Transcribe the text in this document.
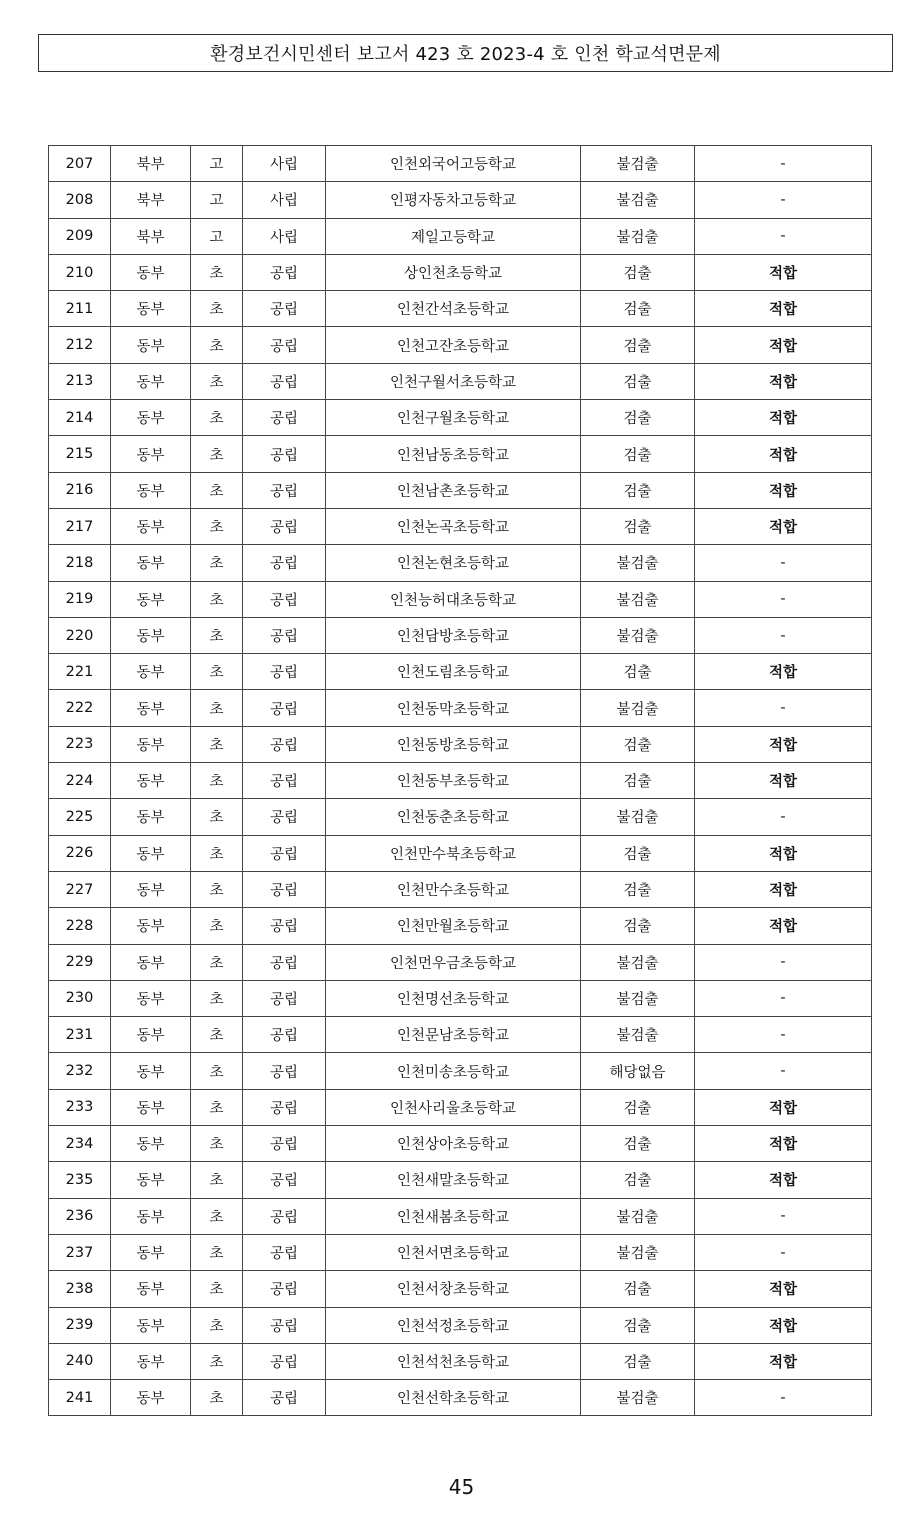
환경보건시민센터 보고서 423 호 2023-4 호 인천 학교석면문제
207	북부	고	사립	인천외국어고등학교	불검출	-
208	북부	고	사립	인평자동차고등학교	불검출	-
209	북부	고	사립	제일고등학교	불검출	-
210	동부	초	공립	상인천초등학교	검출	적합
211	동부	초	공립	인천간석초등학교	검출	적합
212	동부	초	공립	인천고잔초등학교	검출	적합
213	동부	초	공립	인천구월서초등학교	검출	적합
214	동부	초	공립	인천구월초등학교	검출	적합
215	동부	초	공립	인천남동초등학교	검출	적합
216	동부	초	공립	인천남촌초등학교	검출	적합
217	동부	초	공립	인천논곡초등학교	검출	적합
218	동부	초	공립	인천논현초등학교	불검출	-
219	동부	초	공립	인천능허대초등학교	불검출	-
220	동부	초	공립	인천담방초등학교	불검출	-
221	동부	초	공립	인천도림초등학교	검출	적합
222	동부	초	공립	인천동막초등학교	불검출	-
223	동부	초	공립	인천동방초등학교	검출	적합
224	동부	초	공립	인천동부초등학교	검출	적합
225	동부	초	공립	인천동춘초등학교	불검출	-
226	동부	초	공립	인천만수북초등학교	검출	적합
227	동부	초	공립	인천만수초등학교	검출	적합
228	동부	초	공립	인천만월초등학교	검출	적합
229	동부	초	공립	인천먼우금초등학교	불검출	-
230	동부	초	공립	인천명선초등학교	불검출	-
231	동부	초	공립	인천문남초등학교	불검출	-
232	동부	초	공립	인천미송초등학교	해당없음	-
233	동부	초	공립	인천사리울초등학교	검출	적합
234	동부	초	공립	인천상아초등학교	검출	적합
235	동부	초	공립	인천새말초등학교	검출	적합
236	동부	초	공립	인천새봄초등학교	불검출	-
237	동부	초	공립	인천서면초등학교	불검출	-
238	동부	초	공립	인천서창초등학교	검출	적합
239	동부	초	공립	인천석정초등학교	검출	적합
240	동부	초	공립	인천석천초등학교	검출	적합
241	동부	초	공립	인천선학초등학교	불검출	-
45
